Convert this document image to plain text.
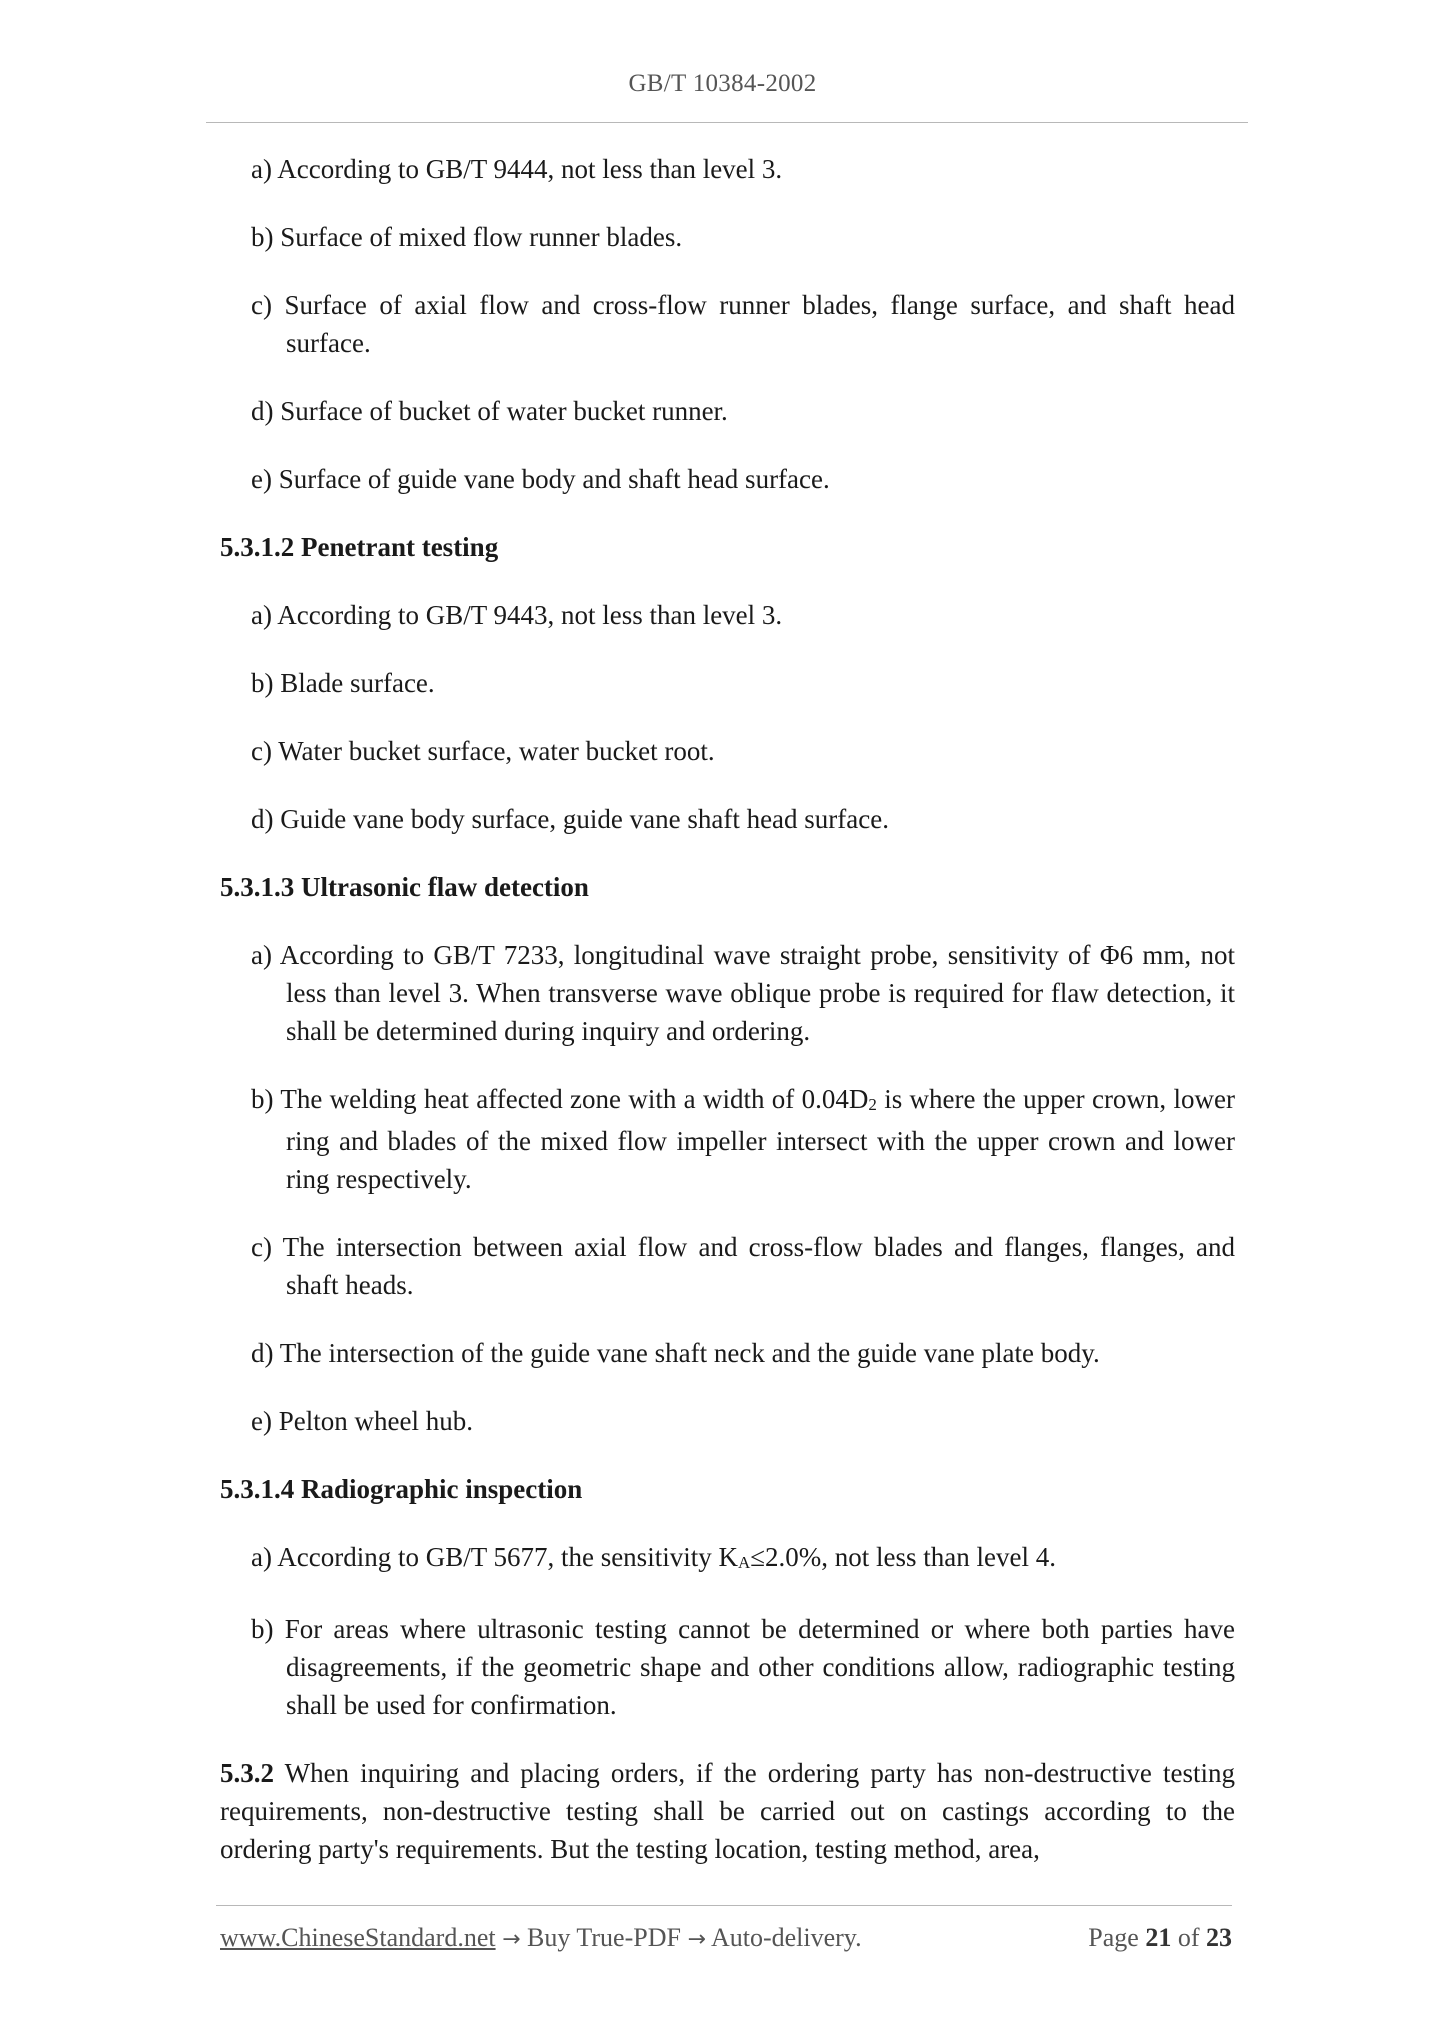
GB/T 10384-2002

a) According to GB/T 9444, not less than level 3.

b) Surface of mixed flow runner blades.

c) Surface of axial flow and cross-flow runner blades, flange surface, and shaft head surface.

d) Surface of bucket of water bucket runner.

e) Surface of guide vane body and shaft head surface.

5.3.1.2 Penetrant testing

a) According to GB/T 9443, not less than level 3.

b) Blade surface.

c) Water bucket surface, water bucket root.

d) Guide vane body surface, guide vane shaft head surface.

5.3.1.3 Ultrasonic flaw detection

a) According to GB/T 7233, longitudinal wave straight probe, sensitivity of Φ6 mm, not less than level 3. When transverse wave oblique probe is required for flaw detection, it shall be determined during inquiry and ordering.

b) The welding heat affected zone with a width of $0.04D_2$ is where the upper crown, lower ring and blades of the mixed flow impeller intersect with the upper crown and lower ring respectively.

c) The intersection between axial flow and cross-flow blades and flanges, flanges, and shaft heads.

d) The intersection of the guide vane shaft neck and the guide vane plate body.

e) Pelton wheel hub.

5.3.1.4 Radiographic inspection

a) According to GB/T 5677, the sensitivity $K_A\le 2.0\%$, not less than level 4.

b) For areas where ultrasonic testing cannot be determined or where both parties have disagreements, if the geometric shape and other conditions allow, radiographic testing shall be used for confirmation.

5.3.2 When inquiring and placing orders, if the ordering party has non-destructive testing requirements, non-destructive testing shall be carried out on castings according to the ordering party's requirements. But the testing location, testing method, area,

www.ChineseStandard.net → Buy True-PDF → Auto-delivery.	Page 21 of 23
